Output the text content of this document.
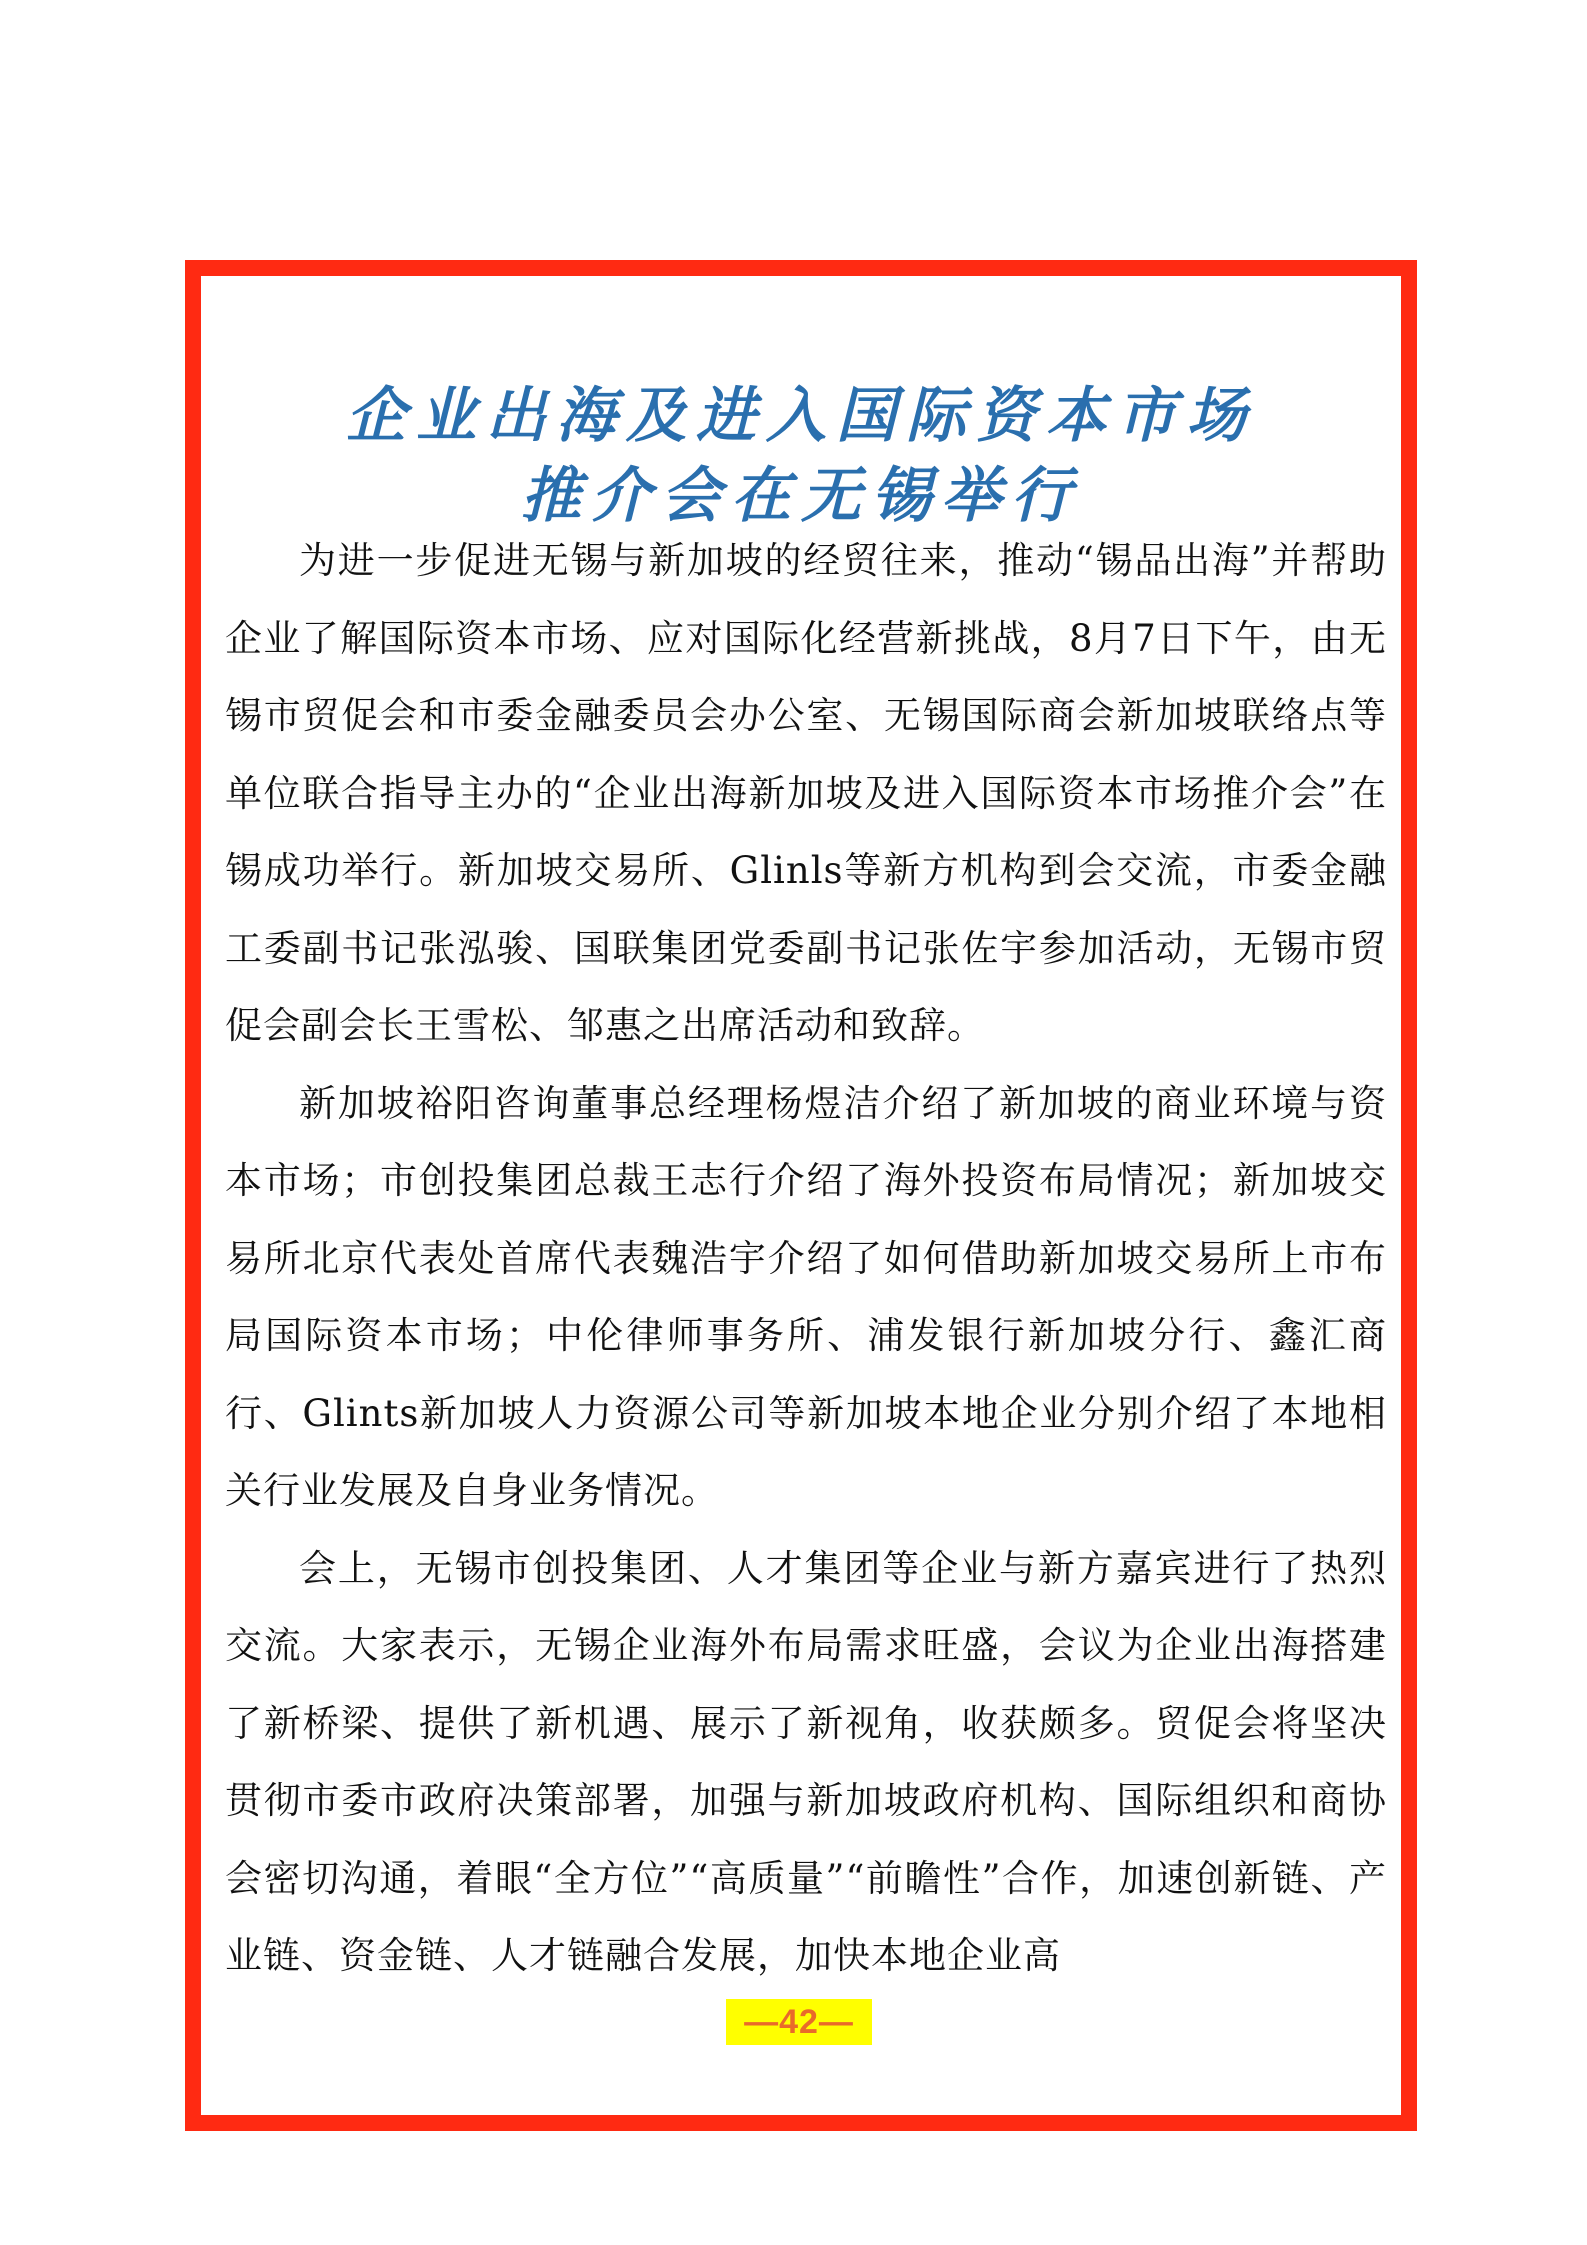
企业出海及进入国际资本市场
推介会在无锡举行

为进一步促进无锡与新加坡的经贸往来，推动“锡品出海”并帮助企业了解国际资本市场、应对国际化经营新挑战，8月7日下午，由无锡市贸促会和市委金融委员会办公室、无锡国际商会新加坡联络点等单位联合指导主办的“企业出海新加坡及进入国际资本市场推介会”在锡成功举行。新加坡交易所、Glinls等新方机构到会交流，市委金融工委副书记张泓骏、国联集团党委副书记张佐宇参加活动，无锡市贸促会副会长王雪松、邹惠之出席活动和致辞。

新加坡裕阳咨询董事总经理杨煜洁介绍了新加坡的商业环境与资本市场；市创投集团总裁王志行介绍了海外投资布局情况；新加坡交易所北京代表处首席代表魏浩宇介绍了如何借助新加坡交易所上市布局国际资本市场；中伦律师事务所、浦发银行新加坡分行、鑫汇商行、Glints新加坡人力资源公司等新加坡本地企业分别介绍了本地相关行业发展及自身业务情况。

会上，无锡市创投集团、人才集团等企业与新方嘉宾进行了热烈交流。大家表示，无锡企业海外布局需求旺盛，会议为企业出海搭建了新桥梁、提供了新机遇、展示了新视角，收获颇多。贸促会将坚决贯彻市委市政府决策部署，加强与新加坡政府机构、国际组织和商协会密切沟通，着眼“全方位”“高质量”“前瞻性”合作，加速创新链、产业链、资金链、人才链融合发展，加快本地企业高

—42—
